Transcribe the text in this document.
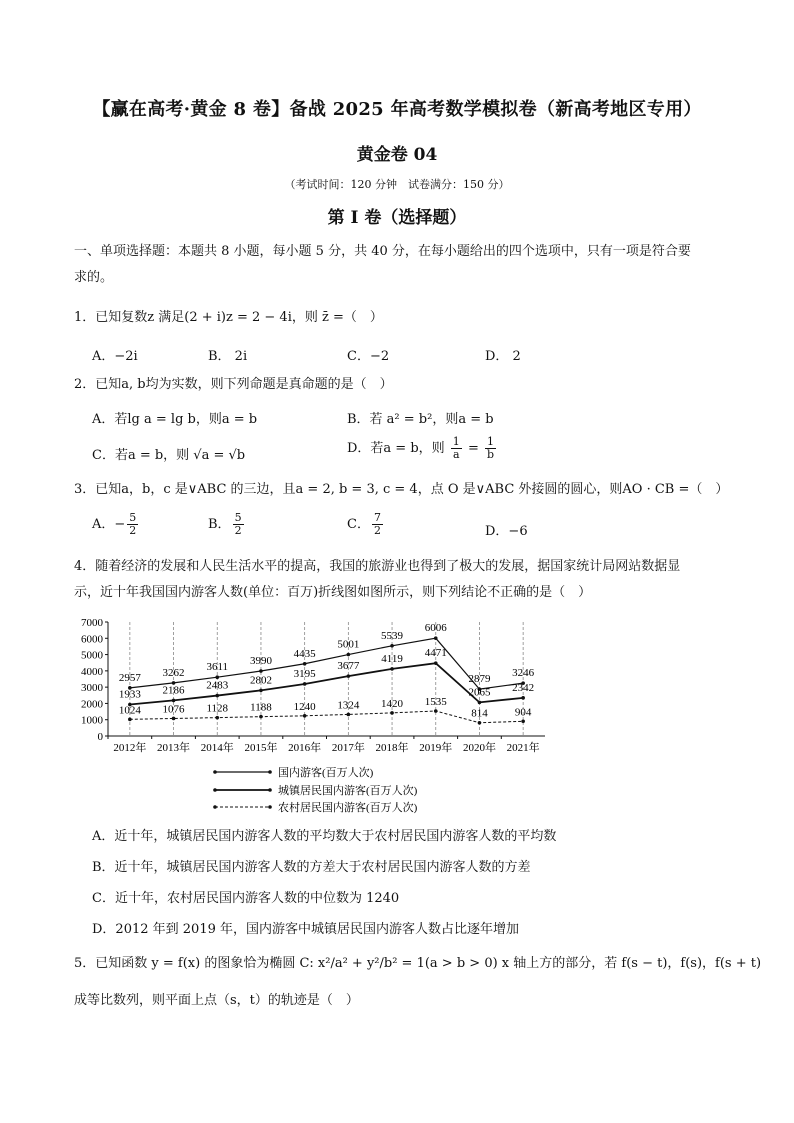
【赢在高考·黄金 8 卷】备战 2025 年高考数学模拟卷（新高考地区专用）
黄金卷 04
（考试时间：120 分钟　试卷满分：150 分）
第 I 卷（选择题）
一、单项选择题：本题共 8 小题，每小题 5 分，共 40 分，在每小题给出的四个选项中，只有一项是符合要
求的。
1．已知复数z 满足(2 + i)z = 2 − 4i，则 z̄ =（　）
A．−2i	B． 2i	C．−2	D． 2
2．已知a, b均为实数，则下列命题是真命题的是（　）
A．若lg a = lg b，则a = b	B．若 a² = b²，则a = b
C．若a = b，则 √a = √b	D．若a = b，则 $\frac{1}{a} = \frac{1}{b}$
3．已知a，b，c 是∨ABC 的三边，且a = 2, b = 3, c = 4，点 O 是∨ABC 外接圆的圆心，则AO · CB =（　）
A．− $\frac{5}{2}$	B． $\frac{5}{2}$	C． $\frac{7}{2}$	D．−6
4．随着经济的发展和人民生活水平的提高，我国的旅游业也得到了极大的发展，据国家统计局网站数据显
示，近十年我国国内游客人数(单位：百万)折线图如图所示，则下列结论不正确的是（　）
0
1000
2000
3000
4000
5000
6000
7000
2012年 2013年 2014年 2015年 2016年 2017年 2018年 2019年 2020年 2021年
2957 3262 3611
3990
4435
5001
5539
6006
2879 3246
1933 2186 2483 2802
3195
3677
4119 4471
2065 2342
1024 1076 1128 1188 1240 1324 1420 1535
814 904
国内游客(百万人次)
城镇居民国内游客(百万人次)
农村居民国内游客(百万人次)
A．近十年，城镇居民国内游客人数的平均数大于农村居民国内游客人数的平均数
B．近十年，城镇居民国内游客人数的方差大于农村居民国内游客人数的方差
C．近十年，农村居民国内游客人数的中位数为 1240
D．2012 年到 2019 年，国内游客中城镇居民国内游客人数占比逐年增加
5．已知函数 y = f(x) 的图象恰为椭圆 C: x²/a² + y²/b² = 1(a > b > 0) x 轴上方的部分，若 f(s − t)，f(s)，f(s + t)
成等比数列，则平面上点（s，t）的轨迹是（　）
